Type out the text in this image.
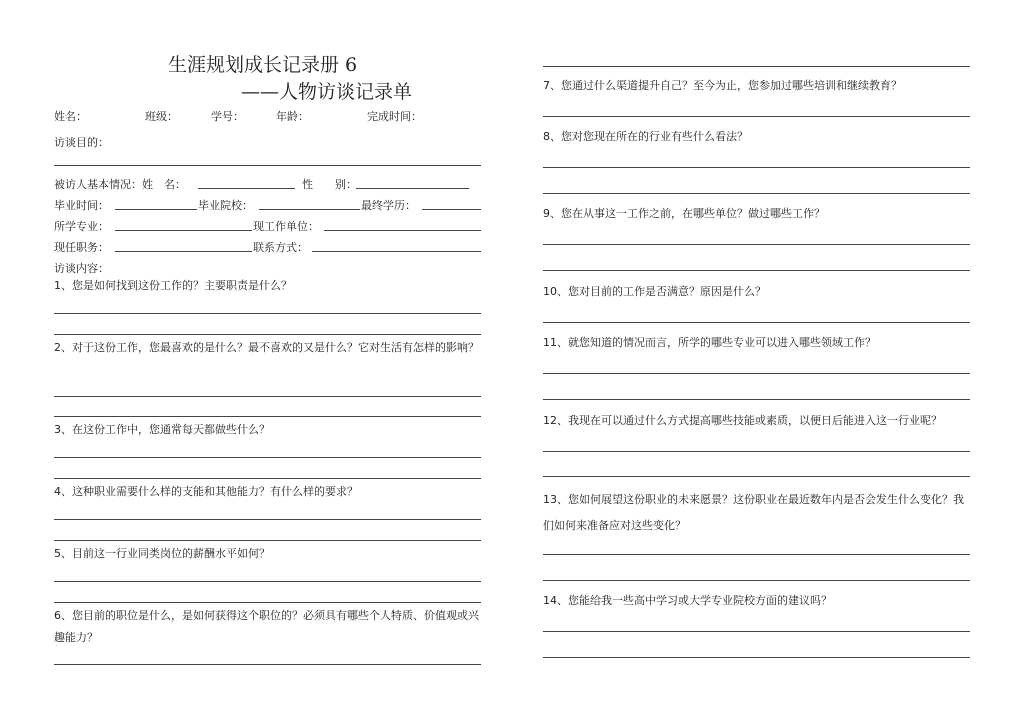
生涯规划成长记录册 6
——人物访谈记录单
姓名：	班级：	学号：	年龄：	完成时间：
访谈目的：
被访人基本情况：姓　名：	性　　别：
毕业时间：	毕业院校：	最终学历：
所学专业：	现工作单位：
现任职务：	联系方式：
访谈内容：
1、您是如何找到这份工作的？主要职责是什么？
2、对于这份工作，您最喜欢的是什么？最不喜欢的又是什么？它对生活有怎样的影响？
3、在这份工作中，您通常每天都做些什么？
4、这种职业需要什么样的支能和其他能力？有什么样的要求？
5、目前这一行业同类岗位的薪酬水平如何？
6、您目前的职位是什么，是如何获得这个职位的？必须具有哪些个人特质、价值观或兴趣能力？
7、您通过什么渠道提升自己？至今为止，您参加过哪些培训和继续教育？
8、您对您现在所在的行业有些什么看法？
9、您在从事这一工作之前，在哪些单位？做过哪些工作？
10、您对目前的工作是否满意？原因是什么？
11、就您知道的情况而言，所学的哪些专业可以进入哪些领域工作？
12、我现在可以通过什么方式提高哪些技能或素质，以便日后能进入这一行业呢？
13、您如何展望这份职业的未来愿景？这份职业在最近数年内是否会发生什么变化？我们如何来准备应对这些变化？
14、您能给我一些高中学习或大学专业院校方面的建议吗？
